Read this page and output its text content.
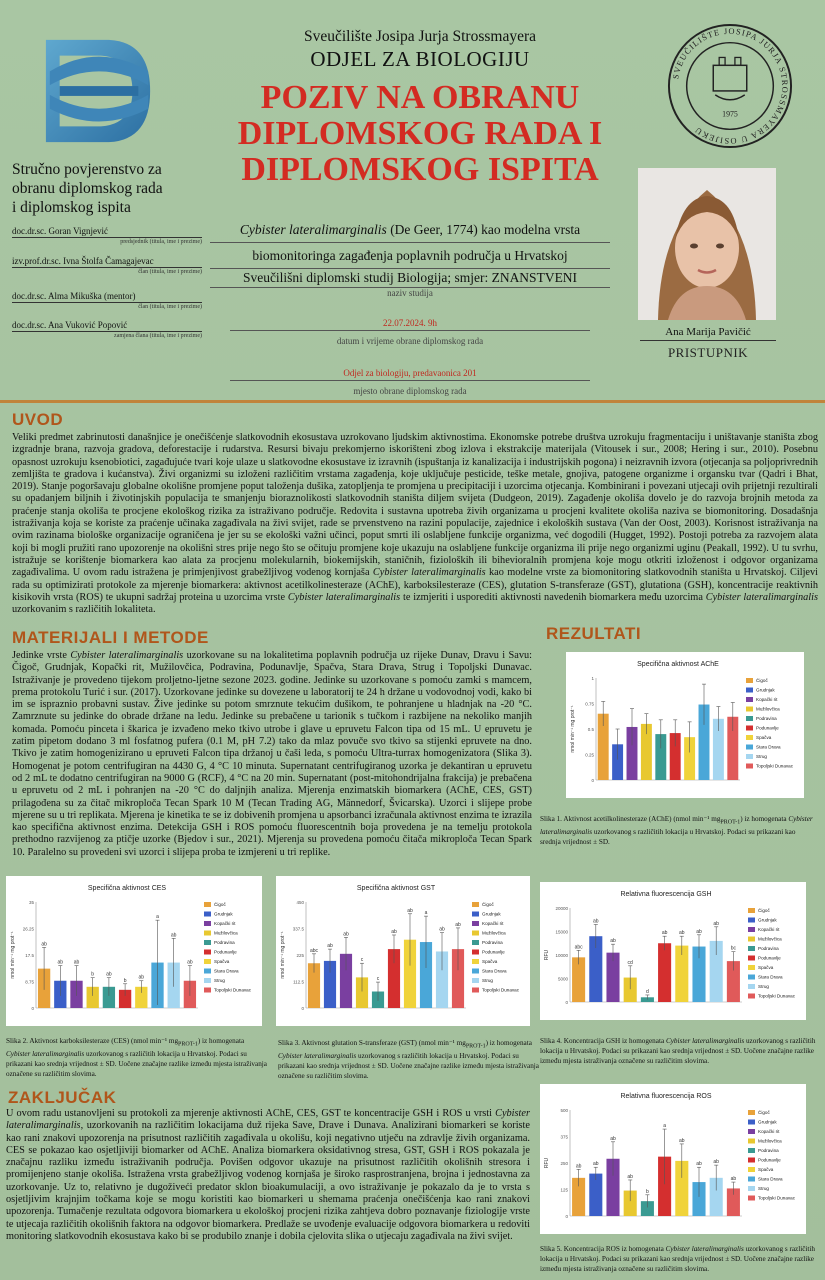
SVEUČILIŠTE JOSIPA JURJA STROSSMAYERA U OSIJEKU
1975
Sveučilište Josipa Jurja Strossmayera
ODJEL ZA BIOLOGIJU
POZIV NA OBRANU
DIPLOMSKOG RADA I
DIPLOMSKOG ISPITA
Stručno povjerenstvo za
obranu diplomskog rada
i diplomskog ispita
doc.dr.sc. Goran Vignjević
predsjednik (titula, ime i prezime)
izv.prof.dr.sc. Ivna Štolfa Čamagajevac
član (titula, ime i prezime)
doc.dr.sc. Alma Mikuška (mentor)
član (titula, ime i prezime)
doc.dr.sc. Ana Vuković Popović
zamjena člana (titula, ime i prezime)
Cybister lateralimarginalis (De Geer, 1774) kao modelna vrsta
biomonitoringa zagađenja poplavnih područja u Hrvatskoj
Sveučilišni diplomski studij Biologija; smjer: ZNANSTVENI
naziv studija
22.07.2024. 9h
datum i vrijeme obrane diplomskog rada
Odjel za biologiju, predavaonica 201
mjesto obrane diplomskog rada
Ana Marija Pavičić
PRISTUPNIK
UVOD
Veliki predmet zabrinutosti današnjice je onečišćenje slatkovodnih ekosustava uzrokovano ljudskim aktivnostima. Ekonomske potrebe društva uzrokuju fragmentaciju i uništavanje staništa zbog izgradnje brana, razvoja gradova, deforestacije i rudarstva. Resursi bivaju prekomjerno iskorišteni zbog izlova i ekstrakcije materijala (Vitousek i sur., 2008; Hering i sur., 2010). Posebnu opasnost uzrokuju ksenobiotici, zagađujuće tvari koje ulaze u slatkovodne ekosustave iz izravnih (ispuštanja iz kanalizacija i industrijskih pogona) i neizravnih izvora (otjecanja sa poljoprivrednih zemljišta te gradova i kućanstva). Živi organizmi su izloženi različitim vrstama zagađenja, koje uključuje pesticide, teške metale, gnojiva, patogene organizme i organsku tvar (Qadri i Bhat, 2019). Stanje pogoršavaju globalne okolišne promjene poput taloženja dušika, zatopljenja te promjena u precipitaciji i uzorcima otjecanja. Kombinirani i povezani utjecaji ovih prijetnji rezultirali su opadanjem biljnih i životinjskih populacija te smanjenju bioraznolikosti slatkovodnih staništa diljem svijeta (Dudgeon, 2019). Zagađenje okoliša dovelo je do razvoja brojnih metoda za praćenje stanja okoliša te procjene ekološkog rizika za istraživano područje. Redovita i sustavna upotreba živih organizama u procjeni kvalitete okoliša naziva se biomonitoring. Dosadašnja istraživanja koja se koriste za praćenje učinaka zagađivala na živi svijet, rade se prvenstveno na razini populacije, zajednice i ekoloških sustava (Van der Oost, 2003). Korisnost istraživanja na ovim razinama biološke organizacije ograničena je jer su se ekološki važni učinci, poput smrti ili oslabljene funkcije organizma, već dogodili (Hugget, 1992). Postoji potreba za razvojem alata koji bi mogli pružiti rano upozorenje na okolišni stres prije nego što se očituju promjene koje ukazuju na oslabljene funkcije organizma ili prije nego organizmi uginu (Peakall, 1992). U tu svrhu, istražuje se korištenje biomarkera kao alata za procjenu molekularnih, biokemijskih, staničnih, fizioloških ili bihevioralnih promjena koje mogu otkriti izloženost i odgovor organizama zagađivalima. U ovom radu istražena je primjenjivost grabežljivog vodenog kornjaša Cybister lateralimarginalis kao modelne vrste za biomonitoring slatkovodnih staništa u Hrvatskoj. Ciljevi rada su optimizirati protokole za mjerenje biomarkera: aktivnost acetilkolinesteraze (AChE), karboksilesteraze (CES), glutation S-transferaze (GST), glutationa (GSH), koncentracije reaktivnih kisikovih vrsta (ROS) te ukupni sadržaj proteina u uzorcima vrste Cybister lateralimarginalis te izmjeriti i usporediti aktivnosti navedenih biomarkera među uzorcima Cybister lateralimarginalis uzorkovanim s različitih lokaliteta.
MATERIJALI I METODE
Jedinke vrste Cybister lateralimarginalis uzorkovane su na lokalitetima poplavnih područja uz rijeke Dunav, Dravu i Savu: Čigoč, Grudnjak, Kopački rit, Mužilovčica, Podravina, Podunavlje, Spačva, Stara Drava, Strug i Topoljski Dunavac. Istraživanje je provedeno tijekom proljetno-ljetne sezone 2023. godine. Jedinke su uzorkovane s pomoću zamki s mamcem, prema protokolu Turić i sur. (2017). Uzorkovane jedinke su dovezene u laboratorij te 24 h držane u vodovodnoj vodi, kako bi im se ispraznio probavni sustav. Žive jedinke su potom smrznute tekućim dušikom, te pohranjene u hladnjak na -20 °C. Zamrznute su jedinke do obrade držane na ledu. Jedinke su prebačene u tarionik s tučkom i razbijene na nekoliko manjih komada. Pomoću pinceta i škarica je izvađeno meko tkivo utrobe i glave u epruvetu Falcon tipa od 15 mL. U epruvetu je zatim pipetom dodano 3 ml fosfatnog pufera (0.1 M, pH 7.2) tako da mlaz povuče svo tkivo sa stijenki epruvete na dno. Tkivo je zatim homogenizirano u epruveti Falcon tipa držanoj u čaši leda, s pomoću Ultra-turrax homogenizatora (Slika 3). Homogenat je potom centrifugiran na 4430 G, 4 °C 10 minuta. Supernatant centrifugiranog uzorka je dekantiran u epruvetu od 2 mL te dodatno centrifugiran na 9000 G (RCF), 4 °C na 20 min. Supernatant (post-mitohondrijalna frakcija) je prebačena u epruvetu od 2 mL i pohranjen na -20 °C do daljnjih analiza. Mjerenja enzimatskih biomarkera (AChE, CES, GST) prilagođena su za čitač mikroploča Tecan Spark 10 M (Tecan Trading AG, Männedorf, Švicarska). Uzorci i slijepe probe mjerene su u tri replikata. Mjerena je kinetika te se iz dobivenih promjena u apsorbanci izračunala aktivnost enzima te izrazila kao specifična aktivnost enzima. Detekcija GSH i ROS pomoću fluorescentnih boja provedena je na temelju protokola prethodno razvijenog za ptičje uzorke (Bjedov i sur., 2021). Mjerenja su provedena pomoću čitača mikroploča Tecan Spark 10. Paralelno su provedeni svi uzorci i slijepa proba te izmjereni u tri replike.
REZULTATI
Specifična aktivnost AChE
nmol min⁻¹ mg prot⁻¹
0
0.25
0.5
0.75
1	Čigoč
Grudnjak
Kopački rit
Mužilovčica
Podravina
Podunavlje
Spačva
Stara Drava
Strug
Topoljski Dunavac
Slika 1. Aktivnost acetilkolinesteraze (AChE) (nmol min⁻¹ $mg_{PROT-1}$) iz homogenata Cybister lateralimarginalis uzorkovanog s različitih lokacija u Hrvatskoj. Podaci su prikazani kao srednja vrijednost ± SD.
Specifična aktivnost CES
nmol min⁻¹ mg prot⁻¹
0
8.75
17.5
26.25
35
ab
ab ab
b ab
b
ab
a
ab
ab
Čigoč
Grudnjak
Kopački rit
Mužilovčica
Podravina
Podunavlje
Spačva
Stara Drava
Strug
Topoljski Dunavac
Slika 2. Aktivnost karboksilesteraze (CES) (nmol min⁻¹ $mg_{PROT-1}$) iz homogenata Cybister lateralimarginalis uzorkovanog s različitih lokacija u Hrvatskoj. Podaci su prikazani kao srednja vrijednost ± SD. Uočene značajne razlike između mjesta istraživanja označene su različitim slovima.
Specifična aktivnost GST
nmol min⁻¹ mg prot⁻¹
0
112.5
225
337.5
450
abc
ab
ab
c
c
ab
ab a
ab
ab
Čigoč
Grudnjak
Kopački rit
Mužilovčica
Podravina
Podunavlje
Spačva
Stara Drava
Strug
Topoljski Dunavac
Slika 3. Aktivnost glutation S-transferaze (GST) (nmol min⁻¹ $mg_{PROT-1}$) iz homogenata Cybister lateralimarginalis uzorkovanog s različitih lokacija u Hrvatskoj. Podaci su prikazani kao srednja vrijednost ± SD. Uočene značajne razlike između mjesta istraživanja označene su različitim slovima.
Relativna fluorescencija GSH
RFU
0
5000
10000
15000
20000
abc
ab
ab
cd
d
ab ab ab
ab
bc
Čigoč
Grudnjak
Kopački rit
Mužilovčica
Podravina
Podunavlje
Spačva
Stara Drava
Strug
Topoljski Dunavac
Slika 4. Koncentracija GSH iz homogenata Cybister lateralimarginalis uzorkovanog s različitih lokacija u Hrvatskoj. Podaci su prikazani kao srednja vrijednost ± SD. Uočene značajne razlike između mjesta istraživanja označene su različitim slovima.
Relativna fluorescencija ROS
RFU
0
125
250
375
500
ab ab
ab
ab
b
a
ab
ab ab
ab
Čigoč
Grudnjak
Kopački rit
Mužilovčica
Podravina
Podunavlje
Spačva
Stara Drava
Strug
Topoljski Dunavac
Slika 5. Koncentracija ROS iz homogenata Cybister lateralimarginalis uzorkovanog s različitih lokacija u Hrvatskoj. Podaci su prikazani kao srednja vrijednost ± SD. Uočene značajne razlike između mjesta istraživanja označene su različitim slovima.
ZAKLJUČAK
U ovom radu ustanovljeni su protokoli za mjerenje aktivnosti AChE, CES, GST te koncentracije GSH i ROS u vrsti Cybister lateralimarginalis, uzorkovanih na različitim lokacijama duž rijeka Save, Drave i Dunava. Analizirani biomarkeri se koriste kao rani znakovi upozorenja na prisutnost različitih zagađivala u okolišu, koji negativno utječu na zdravlje živih organizama. CES se pokazao kao osjetljiviji biomarker od AChE. Analiza biomarkera oksidativnog stresa, GST, GSH i ROS pokazala je značajnu razliku između istraživanih područja. Povišen odgovor ukazuje na prisutnost različitih okolišnih stresora i promijenjeno stanje okoliša. Istražena vrsta grabežljivog vodenog kornjaša je široko rasprostranjena, brojna i jednostavna za uzorkovanje. Uz to, relativno je dugoživeći predator sklon bioakumulaciji, a ovo istraživanje je pokazalo da je to vrsta s osjetljivim krajnjim točkama koje se mogu koristiti kao biomarkeri u shemama praćenja onečišćenja kao rani znakovi upozorenja. Tumačenje rezultata odgovora biomarkera u ekološkoj procjeni rizika zahtjeva dobro poznavanje fiziologije vrste te utjecaja različitih okolišnih faktora na odgovor biomarkera. Predlaže se uvođenje evaluacije odgovora biomarkera u redoviti monitoring slatkovodnih ekosustava kako bi se produbilo znanje i dobila cjelovita slika o utjecaju zagađivala na živi svijet.
